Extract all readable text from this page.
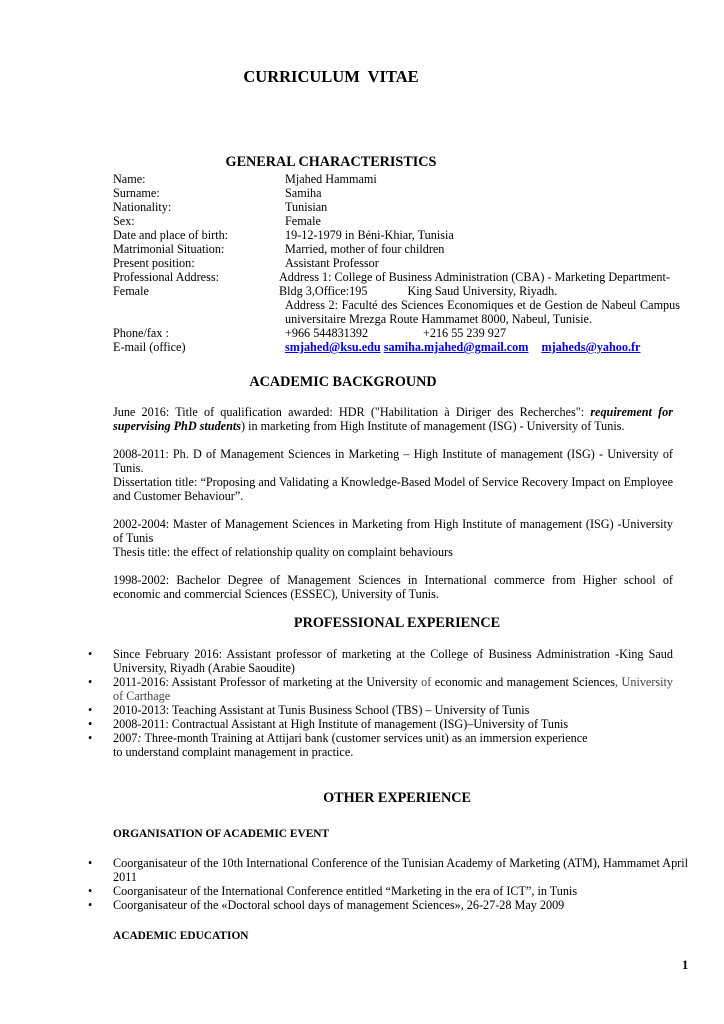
CURRICULUM VITAE
GENERAL CHARACTERISTICS
Name:	Mjahed Hammami
Surname:	Samiha
Nationality:	Tunisian
Sex:	Female
Date and place of birth:	19-12-1979 in Béni-Khiar, Tunisia
Matrimonial Situation:	Married, mother of four children
Present position:	Assistant Professor
Professional Address:	Address 1: College of Business Administration (CBA) - Marketing Department-
Female	Bldg 3,Office:195	King Saud University, Riyadh.
Address 2: Faculté des Sciences Economiques et de Gestion de Nabeul Campus universitaire Mrezga Route Hammamet 8000, Nabeul, Tunisie.
Phone/fax :	+966 544831392	+216 55 239 927
E-mail (office)	smjahed@ksu.edu samiha.mjahed@gmail.com mjaheds@yahoo.fr
ACADEMIC BACKGROUND

June 2016: Title of qualification awarded: HDR ("Habilitation à Diriger des Recherches": requirement for supervising PhD students) in marketing from High Institute of management (ISG) - University of Tunis.

2008-2011: Ph. D of Management Sciences in Marketing – High Institute of management (ISG) - University of Tunis.

Dissertation title: “Proposing and Validating a Knowledge-Based Model of Service Recovery Impact on Employee and Customer Behaviour”.

2002-2004: Master of Management Sciences in Marketing from High Institute of management (ISG) -University of Tunis

Thesis title: the effect of relationship quality on complaint behaviours

1998-2002: Bachelor Degree of Management Sciences in International commerce from Higher school of economic and commercial Sciences (ESSEC), University of Tunis.

PROFESSIONAL EXPERIENCE
• Since February 2016: Assistant professor of marketing at the College of Business Administration -King Saud University, Riyadh (Arabie Saoudite)
• 2011-2016: Assistant Professor of marketing at the University of economic and management Sciences, University of Carthage
• 2010-2013: Teaching Assistant at Tunis Business School (TBS) – University of Tunis
• 2008-2011: Contractual Assistant at High Institute of management (ISG)–University of Tunis
• 2007: Three-month Training at Attijari bank (customer services unit) as an immersion experience
to understand complaint management in practice.
OTHER EXPERIENCE
ORGANISATION OF ACADEMIC EVENT
• Coorganisateur of the 10th International Conference of the Tunisian Academy of Marketing (ATM), Hammamet April 2011
• Coorganisateur of the International Conference entitled “Marketing in the era of ICT”, in Tunis
• Coorganisateur of the «Doctoral school days of management Sciences», 26-27-28 May 2009
ACADEMIC EDUCATION
1
